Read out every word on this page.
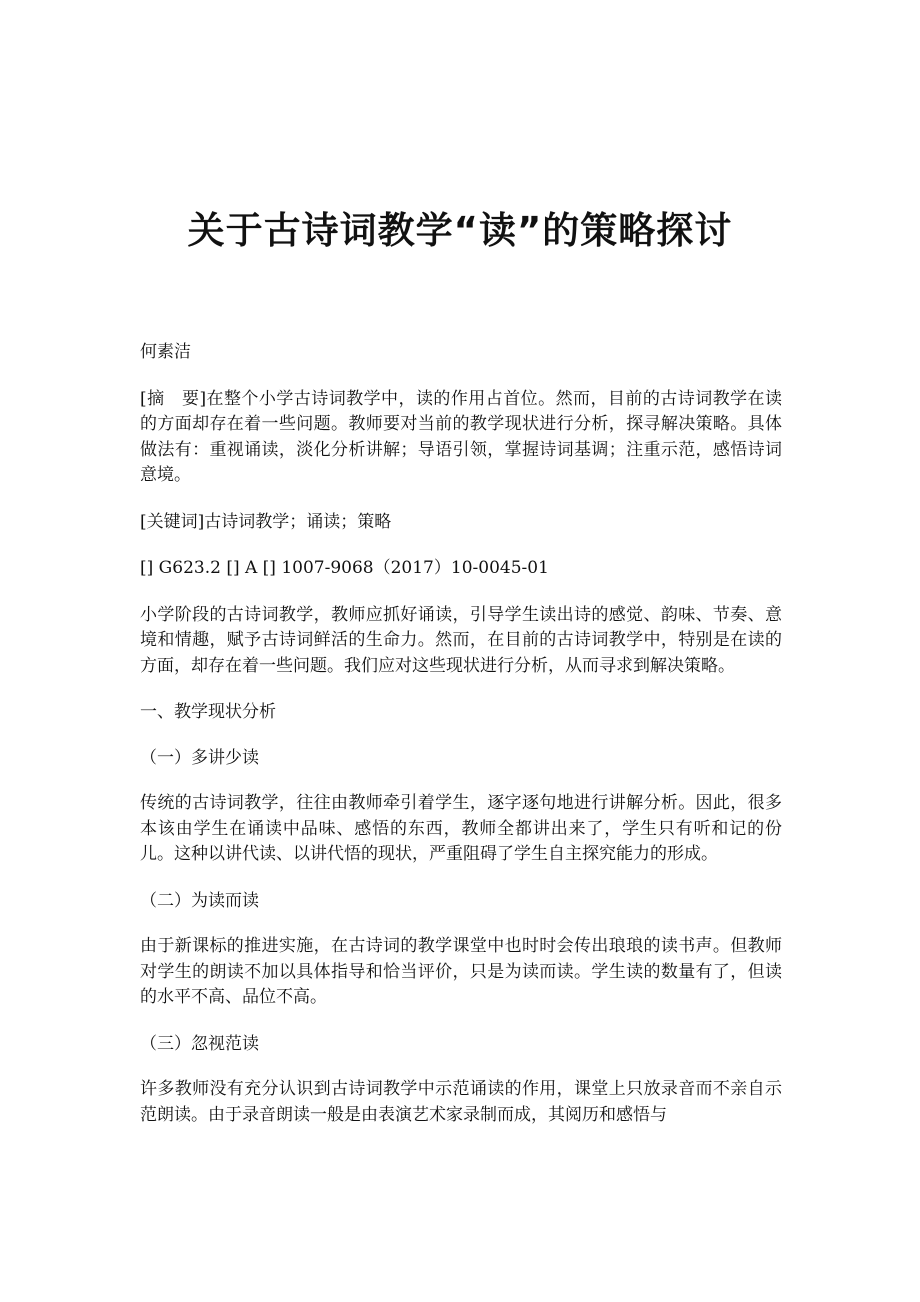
关于古诗词教学“读”的策略探讨

何素洁

[摘　要]在整个小学古诗词教学中，读的作用占首位。然而，目前的古诗词教学在读的方面却存在着一些问题。教师要对当前的教学现状进行分析，探寻解决策略。具体做法有：重视诵读，淡化分析讲解；导语引领，掌握诗词基调；注重示范，感悟诗词意境。

[关键词]古诗词教学；诵读；策略

[] G623.2 [] A [] 1007-9068（2017）10-0045-01

小学阶段的古诗词教学，教师应抓好诵读，引导学生读出诗的感觉、韵味、节奏、意境和情趣，赋予古诗词鲜活的生命力。然而，在目前的古诗词教学中，特别是在读的方面，却存在着一些问题。我们应对这些现状进行分析，从而寻求到解决策略。

一、教学现状分析

（一）多讲少读

传统的古诗词教学，往往由教师牵引着学生，逐字逐句地进行讲解分析。因此，很多本该由学生在诵读中品味、感悟的东西，教师全都讲出来了，学生只有听和记的份儿。这种以讲代读、以讲代悟的现状，严重阻碍了学生自主探究能力的形成。

（二）为读而读

由于新课标的推进实施，在古诗词的教学课堂中也时时会传出琅琅的读书声。但教师对学生的朗读不加以具体指导和恰当评价，只是为读而读。学生读的数量有了，但读的水平不高、品位不高。

（三）忽视范读

许多教师没有充分认识到古诗词教学中示范诵读的作用，课堂上只放录音而不亲自示范朗读。由于录音朗读一般是由表演艺术家录制而成，其阅历和感悟与
